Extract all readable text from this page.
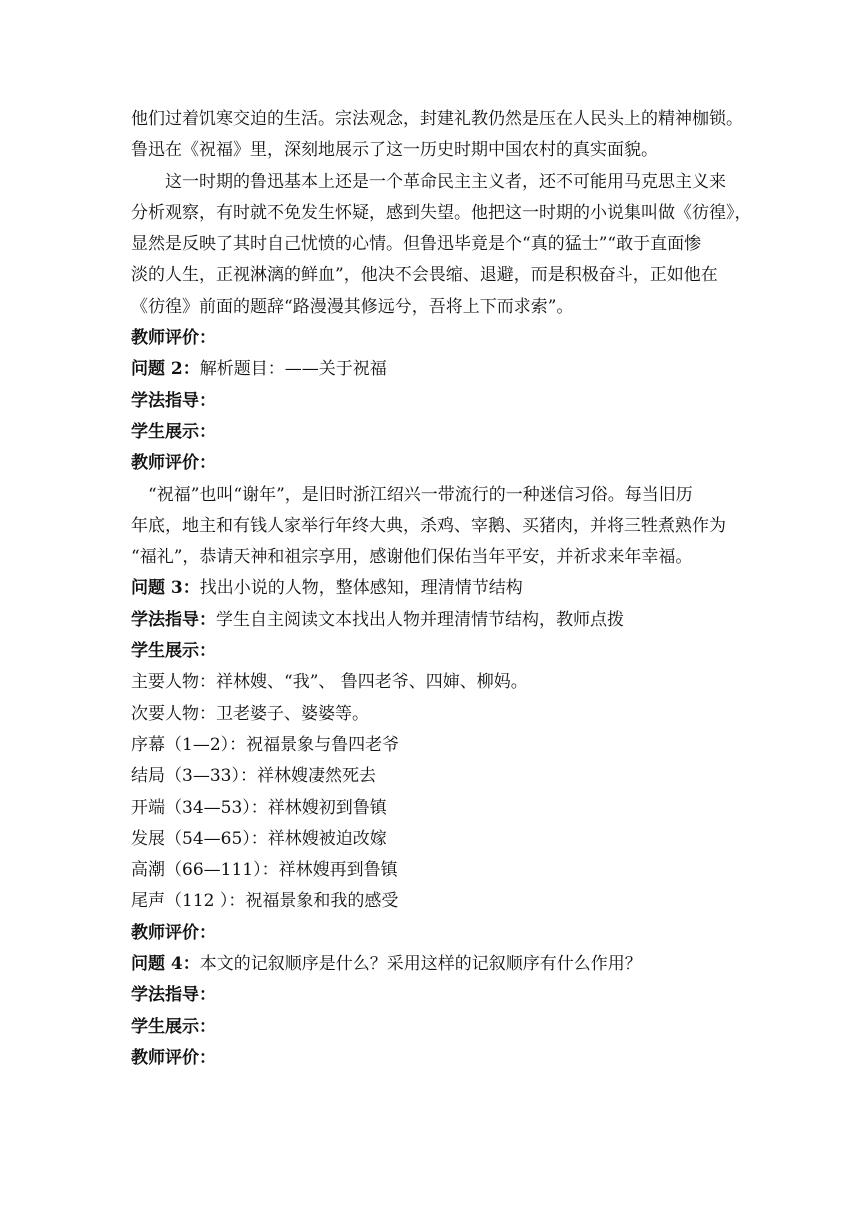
他们过着饥寒交迫的生活。宗法观念，封建礼教仍然是压在人民头上的精神枷锁。
鲁迅在《祝福》里，深刻地展示了这一历史时期中国农村的真实面貌。
这一时期的鲁迅基本上还是一个革命民主主义者，还不可能用马克思主义来
分析观察，有时就不免发生怀疑，感到失望。他把这一时期的小说集叫做《彷徨》，
显然是反映了其时自己忧愤的心情。但鲁迅毕竟是个“真的猛士”“敢于直面惨
淡的人生，正视淋漓的鲜血”，他决不会畏缩、退避，而是积极奋斗，正如他在
《彷徨》前面的题辞“路漫漫其修远兮，吾将上下而求索”。
教师评价：
问题 2：解析题目：——关于祝福
学法指导：
学生展示：
教师评价：
“祝福”也叫“谢年”，是旧时浙江绍兴一带流行的一种迷信习俗。每当旧历
年底，地主和有钱人家举行年终大典，杀鸡、宰鹅、买猪肉，并将三牲煮熟作为
“福礼”，恭请天神和祖宗享用，感谢他们保佑当年平安，并祈求来年幸福。
问题 3：找出小说的人物，整体感知，理清情节结构
学法指导：学生自主阅读文本找出人物并理清情节结构，教师点拨
学生展示：
主要人物：祥林嫂、“我”、 鲁四老爷、四婶、柳妈。
次要人物：卫老婆子、婆婆等。
序幕（1—2）：祝福景象与鲁四老爷
结局（3—33）：祥林嫂凄然死去
开端（34—53）：祥林嫂初到鲁镇
发展（54—65）：祥林嫂被迫改嫁
高潮（66—111）：祥林嫂再到鲁镇
尾声（112 ）：祝福景象和我的感受
教师评价：
问题 4：本文的记叙顺序是什么？采用这样的记叙顺序有什么作用？
学法指导：
学生展示：
教师评价：
